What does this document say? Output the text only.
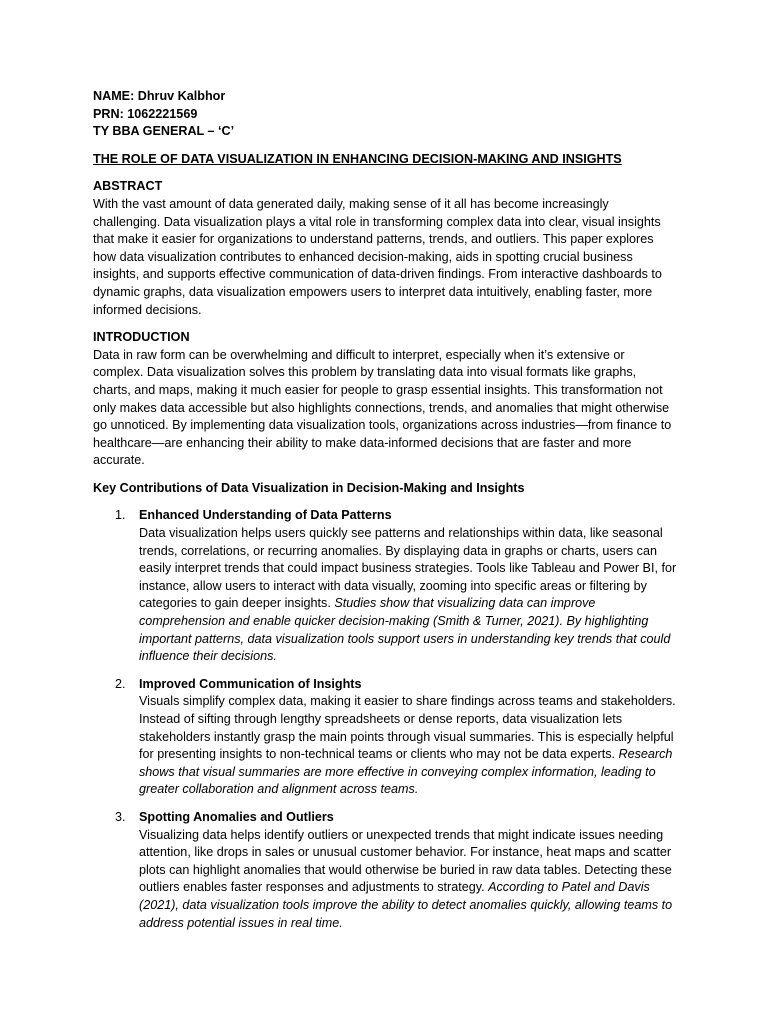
NAME: Dhruv Kalbhor

PRN: 1062221569

TY BBA GENERAL – ‘C’

THE ROLE OF DATA VISUALIZATION IN ENHANCING DECISION-MAKING AND INSIGHTS

ABSTRACT

With the vast amount of data generated daily, making sense of it all has become increasingly challenging. Data visualization plays a vital role in transforming complex data into clear, visual insights that make it easier for organizations to understand patterns, trends, and outliers. This paper explores how data visualization contributes to enhanced decision-making, aids in spotting crucial business insights, and supports effective communication of data-driven findings. From interactive dashboards to dynamic graphs, data visualization empowers users to interpret data intuitively, enabling faster, more informed decisions.

INTRODUCTION

Data in raw form can be overwhelming and difficult to interpret, especially when it’s extensive or complex. Data visualization solves this problem by translating data into visual formats like graphs, charts, and maps, making it much easier for people to grasp essential insights. This transformation not only makes data accessible but also highlights connections, trends, and anomalies that might otherwise go unnoticed. By implementing data visualization tools, organizations across industries—from finance to healthcare—are enhancing their ability to make data-informed decisions that are faster and more accurate.

Key Contributions of Data Visualization in Decision-Making and Insights

1. Enhanced Understanding of Data Patterns

Data visualization helps users quickly see patterns and relationships within data, like seasonal trends, correlations, or recurring anomalies. By displaying data in graphs or charts, users can easily interpret trends that could impact business strategies. Tools like Tableau and Power BI, for instance, allow users to interact with data visually, zooming into specific areas or filtering by categories to gain deeper insights. Studies show that visualizing data can improve comprehension and enable quicker decision-making (Smith & Turner, 2021). By highlighting important patterns, data visualization tools support users in understanding key trends that could influence their decisions.

2. Improved Communication of Insights

Visuals simplify complex data, making it easier to share findings across teams and stakeholders. Instead of sifting through lengthy spreadsheets or dense reports, data visualization lets stakeholders instantly grasp the main points through visual summaries. This is especially helpful for presenting insights to non-technical teams or clients who may not be data experts. Research shows that visual summaries are more effective in conveying complex information, leading to greater collaboration and alignment across teams.

3. Spotting Anomalies and Outliers

Visualizing data helps identify outliers or unexpected trends that might indicate issues needing attention, like drops in sales or unusual customer behavior. For instance, heat maps and scatter plots can highlight anomalies that would otherwise be buried in raw data tables. Detecting these outliers enables faster responses and adjustments to strategy. According to Patel and Davis (2021), data visualization tools improve the ability to detect anomalies quickly, allowing teams to address potential issues in real time.
